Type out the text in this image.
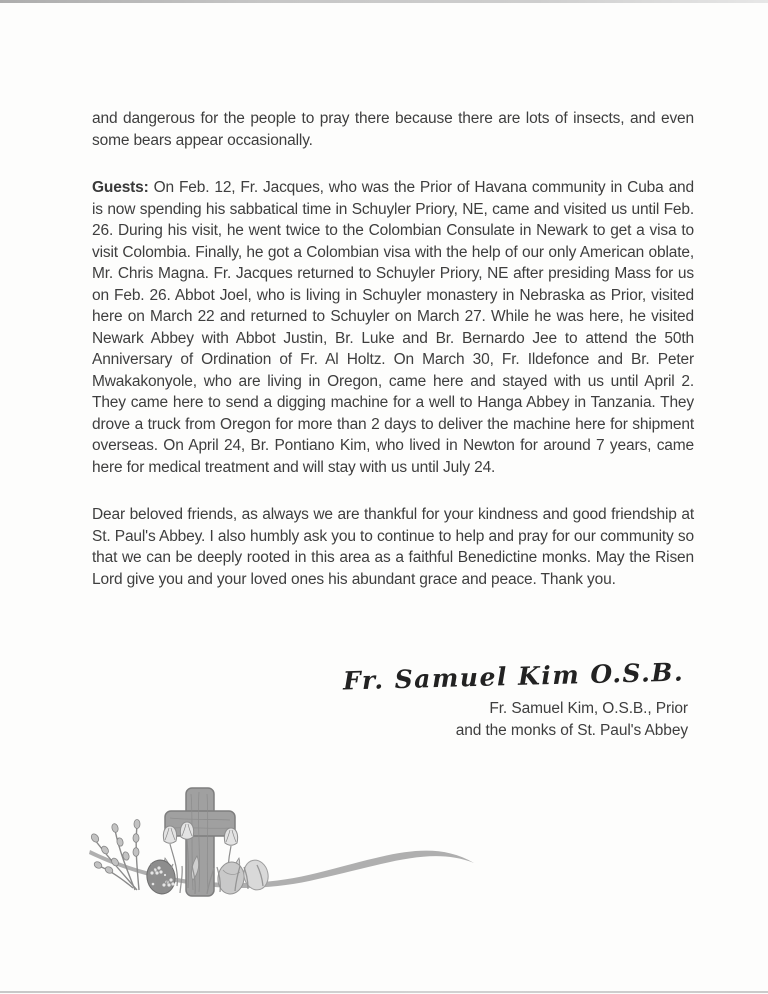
and dangerous for the people to pray there because there are lots of insects, and even some bears appear occasionally.

Guests: On Feb. 12, Fr. Jacques, who was the Prior of Havana community in Cuba and is now spending his sabbatical time in Schuyler Priory, NE, came and visited us until Feb. 26. During his visit, he went twice to the Colombian Consulate in Newark to get a visa to visit Colombia. Finally, he got a Colombian visa with the help of our only American oblate, Mr. Chris Magna. Fr. Jacques returned to Schuyler Priory, NE after presiding Mass for us on Feb. 26. Abbot Joel, who is living in Schuyler monastery in Nebraska as Prior, visited here on March 22 and returned to Schuyler on March 27. While he was here, he visited Newark Abbey with Abbot Justin, Br. Luke and Br. Bernardo Jee to attend the 50th Anniversary of Ordination of Fr. Al Holtz. On March 30, Fr. Ildefonce and Br. Peter Mwakakonyole, who are living in Oregon, came here and stayed with us until April 2. They came here to send a digging machine for a well to Hanga Abbey in Tanzania. They drove a truck from Oregon for more than 2 days to deliver the machine here for shipment overseas. On April 24, Br. Pontiano Kim, who lived in Newton for around 7 years, came here for medical treatment and will stay with us until July 24.

Dear beloved friends, as always we are thankful for your kindness and good friendship at St. Paul's Abbey. I also humbly ask you to continue to help and pray for our community so that we can be deeply rooted in this area as a faithful Benedictine monks. May the Risen Lord give you and your loved ones his abundant grace and peace. Thank you.

Fr. Samuel Kim O.S.B.
Fr. Samuel Kim, O.S.B., Prior
and the monks of St. Paul's Abbey
